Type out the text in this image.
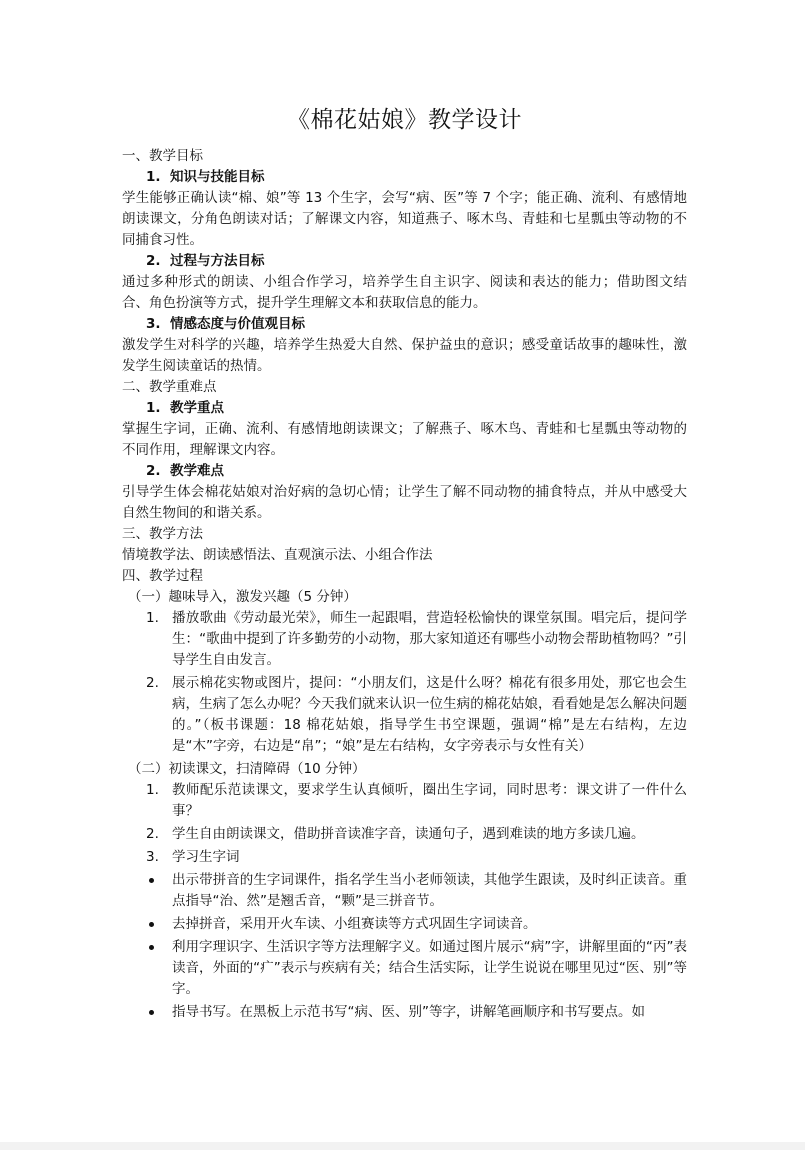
《棉花姑娘》教学设计
一、教学目标
1. 知识与技能目标

学生能够正确认读“棉、娘”等 13 个生字，会写“病、医”等 7 个字；能正确、流利、有感情地朗读课文，分角色朗读对话；了解课文内容，知道燕子、啄木鸟、青蛙和七星瓢虫等动物的不同捕食习性。

2. 过程与方法目标

通过多种形式的朗读、小组合作学习，培养学生自主识字、阅读和表达的能力；借助图文结合、角色扮演等方式，提升学生理解文本和获取信息的能力。

3. 情感态度与价值观目标

激发学生对科学的兴趣，培养学生热爱大自然、保护益虫的意识；感受童话故事的趣味性，激发学生阅读童话的热情。

二、教学重难点
1. 教学重点

掌握生字词，正确、流利、有感情地朗读课文；了解燕子、啄木鸟、青蛙和七星瓢虫等动物的不同作用，理解课文内容。

2. 教学难点

引导学生体会棉花姑娘对治好病的急切心情；让学生了解不同动物的捕食特点，并从中感受大自然生物间的和谐关系。

三、教学方法

情境教学法、朗读感悟法、直观演示法、小组合作法

四、教学过程
（一）趣味导入，激发兴趣（5 分钟）
1. 播放歌曲《劳动最光荣》，师生一起跟唱，营造轻松愉快的课堂氛围。唱完后，提问学生：“歌曲中提到了许多勤劳的小动物，那大家知道还有哪些小动物会帮助植物吗？”引导学生自由发言。
2. 展示棉花实物或图片，提问：“小朋友们，这是什么呀？棉花有很多用处，那它也会生病，生病了怎么办呢？今天我们就来认识一位生病的棉花姑娘，看看她是怎么解决问题的。”（板书课题：18 棉花姑娘，指导学生书空课题，强调“棉”是左右结构，左边是“木”字旁，右边是“帛”；“娘”是左右结构，女字旁表示与女性有关）
（二）初读课文，扫清障碍（10 分钟）
1. 教师配乐范读课文，要求学生认真倾听，圈出生字词，同时思考：课文讲了一件什么事？
2. 学生自由朗读课文，借助拼音读准字音，读通句子，遇到难读的地方多读几遍。
3. 学习生字词
出示带拼音的生字词课件，指名学生当小老师领读，其他学生跟读，及时纠正读音。重点指导“治、然”是翘舌音，“颗”是三拼音节。
去掉拼音，采用开火车读、小组赛读等方式巩固生字词读音。
利用字理识字、生活识字等方法理解字义。如通过图片展示“病”字，讲解里面的“丙”表读音，外面的“疒”表示与疾病有关；结合生活实际，让学生说说在哪里见过“医、别”等字。
指导书写。在黑板上示范书写“病、医、别”等字，讲解笔画顺序和书写要点。如
